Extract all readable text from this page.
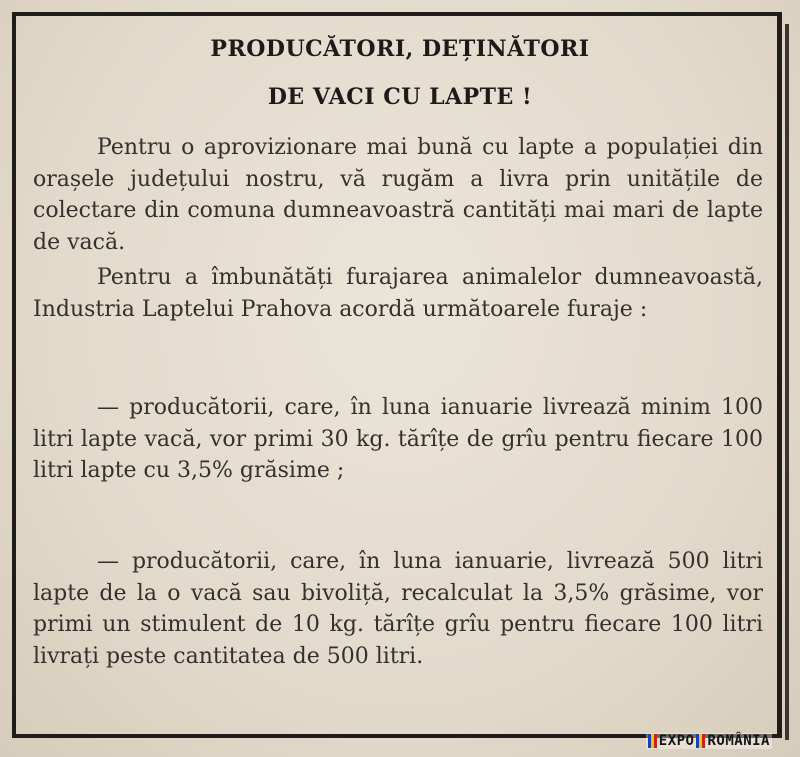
PRODUCĂTORI, DEȚINĂTORI
DE VACI CU LAPTE !
Pentru o aprovizionare mai bună cu lapte a populației din orașele județului nostru, vă rugăm a livra prin unitățile de colectare din comuna dumneavoastră cantități mai mari de lapte de vacă.
Pentru a îmbunătăți furajarea animalelor dumneavoastă, Industria Laptelui Prahova acordă următoarele furaje :
— producătorii, care, în luna ianuarie livrează minim 100 litri lapte vacă, vor primi 30 kg. tărîțe de grîu pentru fiecare 100 litri lapte cu 3,5% grăsime ;
— producătorii, care, în luna ianuarie, livrează 500 litri lapte de la o vacă sau bivoliță, recalculat la 3,5% grăsime, vor primi un stimulent de 10 kg. tărîțe grîu pentru fiecare 100 litri livrați peste cantitatea de 500 litri.
EXPO ROMÂNIA
